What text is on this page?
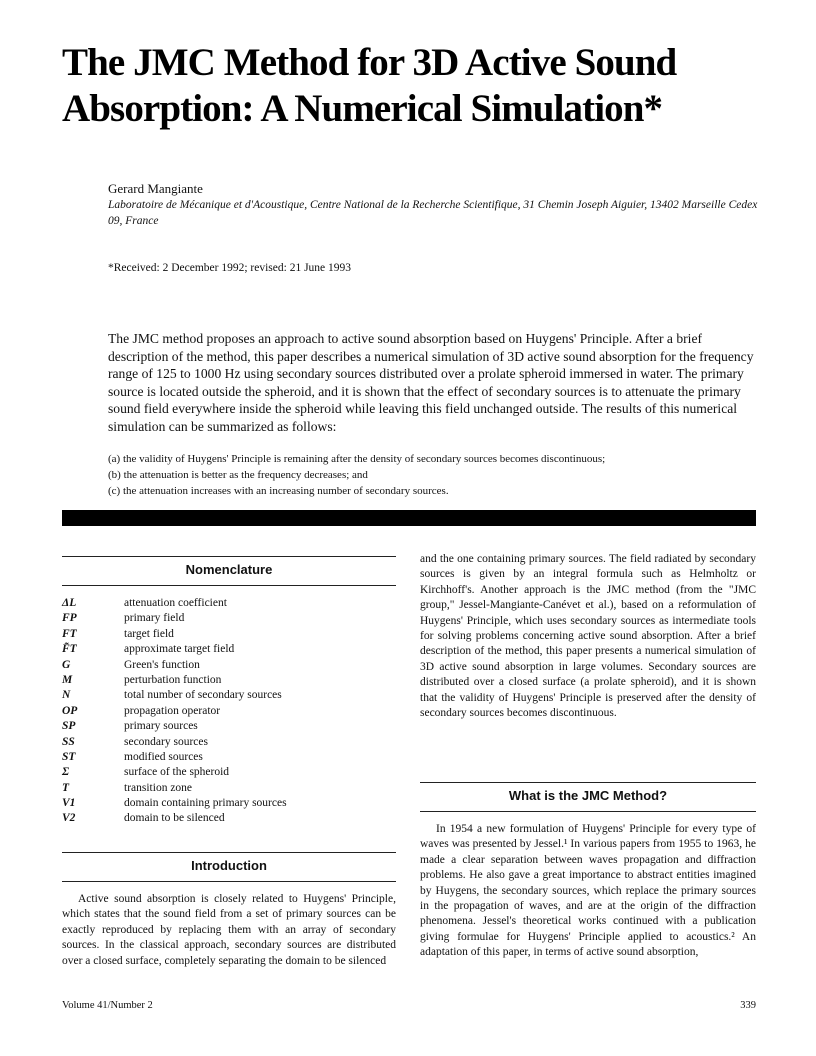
The JMC Method for 3D Active Sound Absorption: A Numerical Simulation*
Gerard Mangiante
Laboratoire de Mécanique et d'Acoustique, Centre National de la Recherche Scientifique, 31 Chemin Joseph Aiguier, 13402 Marseille Cedex 09, France
*Received: 2 December 1992; revised: 21 June 1993
The JMC method proposes an approach to active sound absorption based on Huygens' Principle. After a brief description of the method, this paper describes a numerical simulation of 3D active sound absorption for the frequency range of 125 to 1000 Hz using secondary sources distributed over a prolate spheroid immersed in water. The primary source is located outside the spheroid, and it is shown that the effect of secondary sources is to attenuate the primary sound field everywhere inside the spheroid while leaving this field unchanged outside. The results of this numerical simulation can be summarized as follows:
(a) the validity of Huygens' Principle is remaining after the density of secondary sources becomes discontinuous;
(b) the attenuation is better as the frequency decreases; and
(c) the attenuation increases with an increasing number of secondary sources.
Nomenclature
ΔL	attenuation coefficient
FP	primary field
FT	target field
F̃T	approximate target field
G	Green's function
M	perturbation function
N	total number of secondary sources
OP	propagation operator
SP	primary sources
SS	secondary sources
ST	modified sources
Σ	surface of the spheroid
T	transition zone
V1	domain containing primary sources
V2	domain to be silenced
Introduction

Active sound absorption is closely related to Huygens' Principle, which states that the sound field from a set of primary sources can be exactly reproduced by replacing them with an array of secondary sources. In the classical approach, secondary sources are distributed over a closed surface, completely separating the domain to be silenced

and the one containing primary sources. The field radiated by secondary sources is given by an integral formula such as Helmholtz or Kirchhoff's. Another approach is the JMC method (from the "JMC group," Jessel-Mangiante-Canévet et al.), based on a reformulation of Huygens' Principle, which uses secondary sources as intermediate tools for solving problems concerning active sound absorption. After a brief description of the method, this paper presents a numerical simulation of 3D active sound absorption in large volumes. Secondary sources are distributed over a closed surface (a prolate spheroid), and it is shown that the validity of Huygens' Principle is preserved after the density of secondary sources becomes discontinuous.

What is the JMC Method?

In 1954 a new formulation of Huygens' Principle for every type of waves was presented by Jessel.¹ In various papers from 1955 to 1963, he made a clear separation between waves propagation and diffraction problems. He also gave a great importance to abstract entities imagined by Huygens, the secondary sources, which replace the primary sources in the propagation of waves, and are at the origin of the diffraction phenomena. Jessel's theoretical works continued with a publication giving formulae for Huygens' Principle applied to acoustics.² An adaptation of this paper, in terms of active sound absorption,

Volume 41/Number 2	339
